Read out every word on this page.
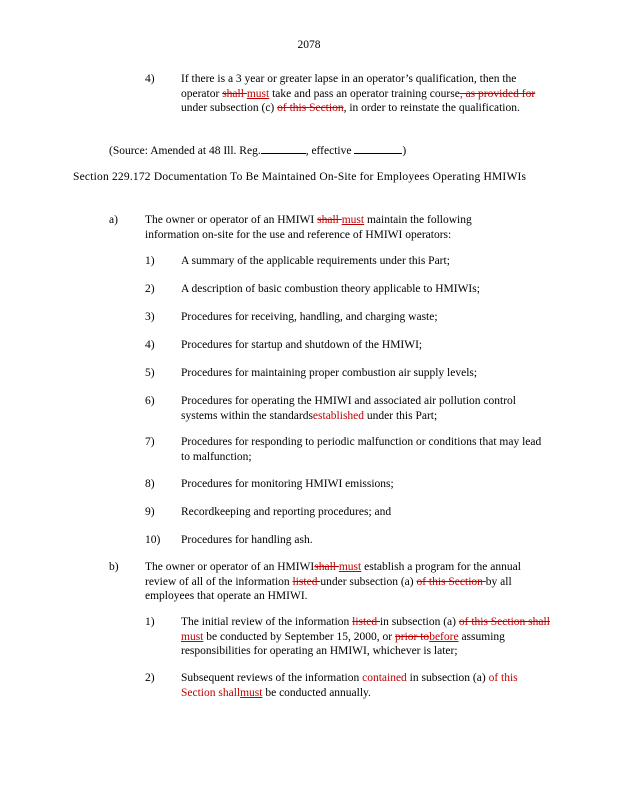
2078
4) If there is a 3 year or greater lapse in an operator’s qualification, then the operator shall must take and pass an operator training course, as provided for under subsection (c) of this Section, in order to reinstate the qualification.
(Source: Amended at 48 Ill. Reg.	, effective	)
Section 229.172 Documentation To Be Maintained On-Site for Employees Operating HMIWIs
a) The owner or operator of an HMIWI shall must maintain the following information on-site for the use and reference of HMIWI operators:
1) A summary of the applicable requirements under this Part;
2) A description of basic combustion theory applicable to HMIWIs;
3) Procedures for receiving, handling, and charging waste;
4) Procedures for startup and shutdown of the HMIWI;
5) Procedures for maintaining proper combustion air supply levels;
6) Procedures for operating the HMIWI and associated air pollution control systems within the standardsestablished under this Part;
7) Procedures for responding to periodic malfunction or conditions that may lead to malfunction;
8) Procedures for monitoring HMIWI emissions;
9) Recordkeeping and reporting procedures; and
10) Procedures for handling ash.
b) The owner or operator of an HMIWIshall must establish a program for the annual review of all of the information listed under subsection (a) of this Section by all employees that operate an HMIWI.
1) The initial review of the information listed in subsection (a) of this Section shall must be conducted by September 15, 2000, or prior tobefore assuming responsibilities for operating an HMIWI, whichever is later;
2) Subsequent reviews of the information contained in subsection (a) of this Section shallmust be conducted annually.
